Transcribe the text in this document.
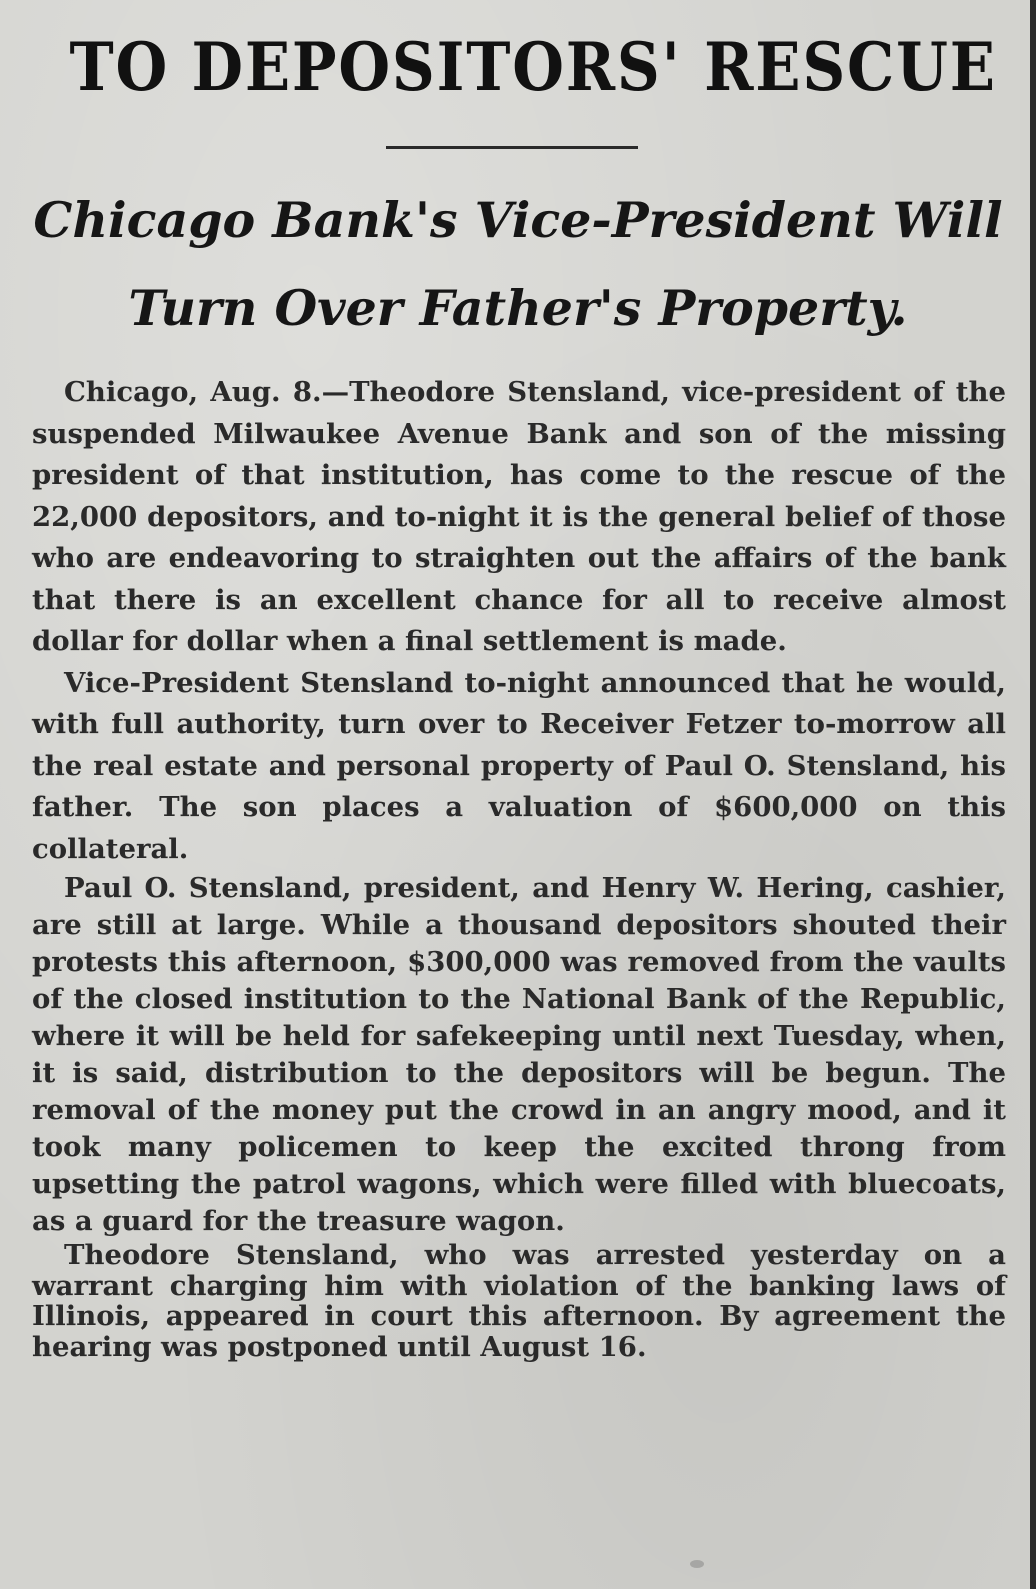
TO DEPOSITORS' RESCUE
Chicago Bank's Vice-President Will Turn Over Father's Property.

Chicago, Aug. 8.—Theodore Stensland, vice-president of the suspended Milwaukee Avenue Bank and son of the missing president of that institution, has come to the rescue of the 22,000 depositors, and to-night it is the general belief of those who are endeavoring to straighten out the affairs of the bank that there is an excellent chance for all to receive almost dollar for dollar when a final settlement is made.

Vice-President Stensland to-night announced that he would, with full authority, turn over to Receiver Fetzer to-morrow all the real estate and personal property of Paul O. Stensland, his father. The son places a valuation of $600,000 on this collateral.

Paul O. Stensland, president, and Henry W. Hering, cashier, are still at large. While a thousand depositors shouted their protests this afternoon, $300,000 was removed from the vaults of the closed institution to the National Bank of the Republic, where it will be held for safekeeping until next Tuesday, when, it is said, distribution to the depositors will be begun. The removal of the money put the crowd in an angry mood, and it took many policemen to keep the excited throng from upsetting the patrol wagons, which were filled with bluecoats, as a guard for the treasure wagon.

Theodore Stensland, who was arrested yesterday on a warrant charging him with violation of the banking laws of Illinois, appeared in court this afternoon. By agreement the hearing was postponed until August 16.
